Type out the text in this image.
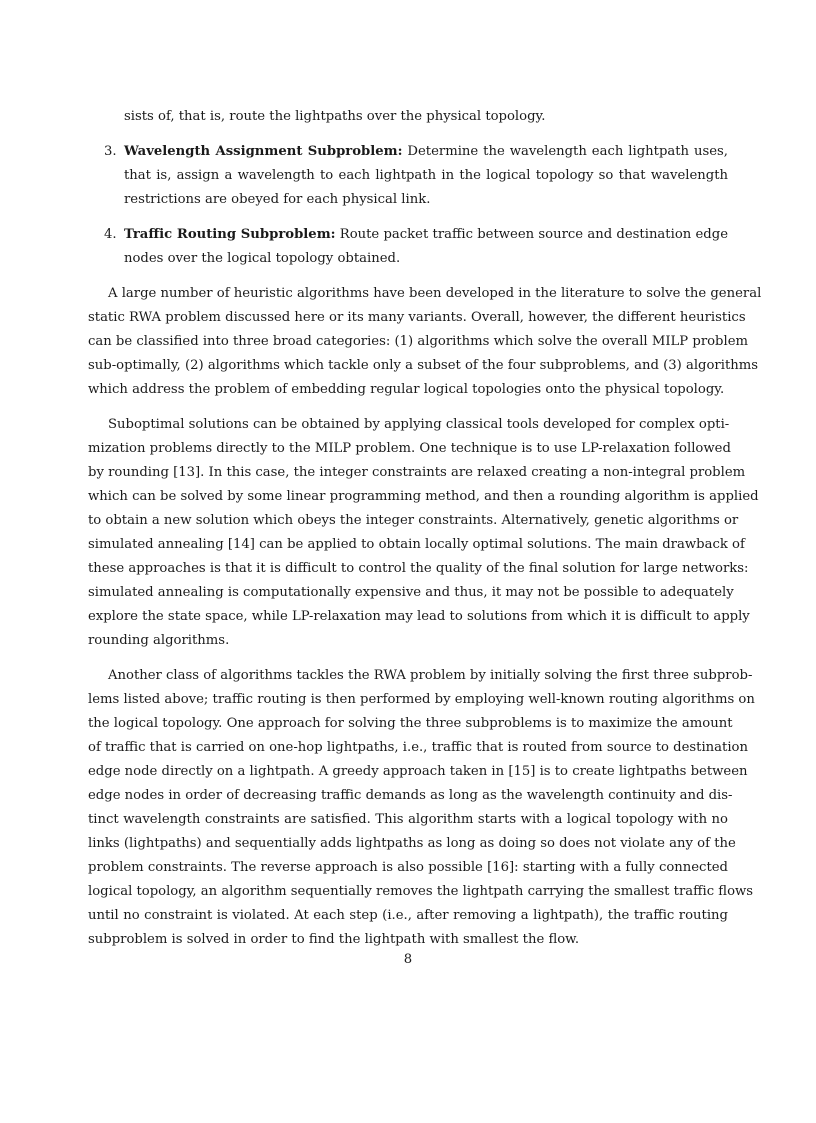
sists of, that is, route the lightpaths over the physical topology.
3. Wavelength Assignment Subproblem: Determine the wavelength each lightpath uses,
that is, assign a wavelength to each lightpath in the logical topology so that wavelength
restrictions are obeyed for each physical link.
4. Traffic Routing Subproblem: Route packet traffic between source and destination edge
nodes over the logical topology obtained.
A large number of heuristic algorithms have been developed in the literature to solve the general
static RWA problem discussed here or its many variants. Overall, however, the different heuristics
can be classified into three broad categories: (1) algorithms which solve the overall MILP problem
sub-optimally, (2) algorithms which tackle only a subset of the four subproblems, and (3) algorithms
which address the problem of embedding regular logical topologies onto the physical topology.
Suboptimal solutions can be obtained by applying classical tools developed for complex opti-
mization problems directly to the MILP problem. One technique is to use LP-relaxation followed
by rounding [13]. In this case, the integer constraints are relaxed creating a non-integral problem
which can be solved by some linear programming method, and then a rounding algorithm is applied
to obtain a new solution which obeys the integer constraints. Alternatively, genetic algorithms or
simulated annealing [14] can be applied to obtain locally optimal solutions. The main drawback of
these approaches is that it is difficult to control the quality of the final solution for large networks:
simulated annealing is computationally expensive and thus, it may not be possible to adequately
explore the state space, while LP-relaxation may lead to solutions from which it is difficult to apply
rounding algorithms.
Another class of algorithms tackles the RWA problem by initially solving the first three subprob-
lems listed above; traffic routing is then performed by employing well-known routing algorithms on
the logical topology. One approach for solving the three subproblems is to maximize the amount
of traffic that is carried on one-hop lightpaths, i.e., traffic that is routed from source to destination
edge node directly on a lightpath. A greedy approach taken in [15] is to create lightpaths between
edge nodes in order of decreasing traffic demands as long as the wavelength continuity and dis-
tinct wavelength constraints are satisfied. This algorithm starts with a logical topology with no
links (lightpaths) and sequentially adds lightpaths as long as doing so does not violate any of the
problem constraints. The reverse approach is also possible [16]: starting with a fully connected
logical topology, an algorithm sequentially removes the lightpath carrying the smallest traffic flows
until no constraint is violated. At each step (i.e., after removing a lightpath), the traffic routing
subproblem is solved in order to find the lightpath with smallest the flow.
8
